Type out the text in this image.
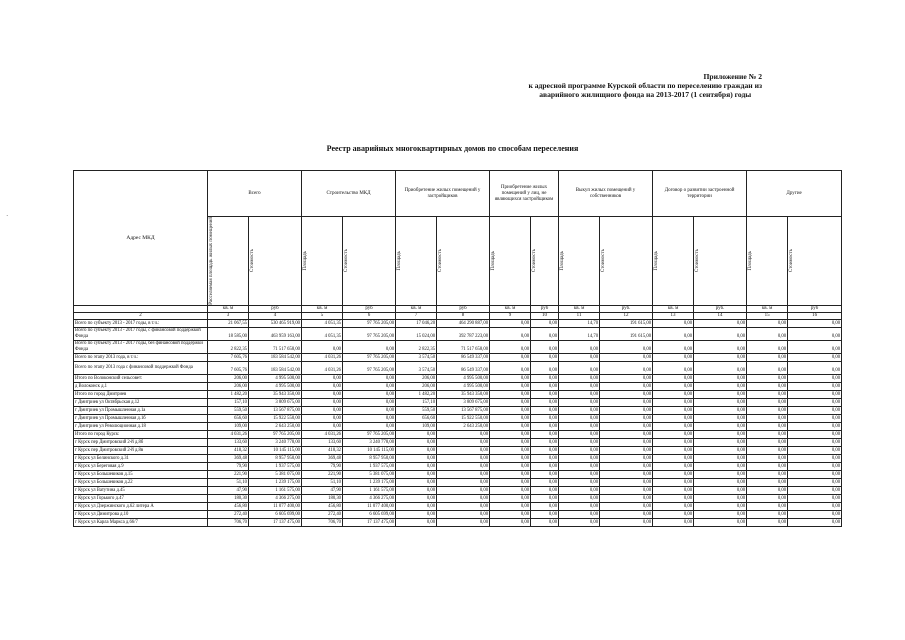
Приложение № 2
к адресной программе Курской области по переселению граждан из
аварийного жилищного фонда на 2013-2017 (1 сентября) годы
Реестр аварийных многоквартирных домов по способам переселения
·
Адрес МКД	Всего		Строительство МКД		Приобретение жилых помещений у застройщиков		Приобретение жилых помещений у лиц, не являющихся застройщиком		Выкуп жилых помещений у собственников		Договор о развитии застроенной территории		Другие	

	Расселяемая площадь жилых помещений	Стоимость	Площадь	Стоимость	Площадь	Стоимость	Площадь	Стоимость	Площадь	Стоимость	Площадь	Стоимость	Площадь	Стоимость

	кв. м	руб	кв. м	руб	кв. м	руб	кв. м	руб	кв. м	руб.	кв. м	руб.	кв. м	руб
2	3	4	5	6	7	8	9	10	11	12	13	14	15	16
Всего по субъекту 2013 - 2017 годы, в т.ч.:	21 067,55	530 465 919,00	4 051,35	97 765 205,00	17 046,20	464 290 887,00	0,00	0,00	14,70	191 615,00	0,00	0,00	0,00	0,00
Всего по субъекту 2013 - 2017 годы, с финансовой поддержкой Фонда	18 585,00	463 959 163,00	4 051,35	97 765 205,00	15 024,00	392 787 223,00	0,00	0,00	14,70	191 615,00	0,00	0,00	0,00	0,00
Всего по субъекту 2013 - 2017 годы, без финансовой поддержки Фонда	2 822,35	71 517 658,00	0,00	0,00	2 822,35	71 517 658,00	0,00	0,00	0,00	0,00	0,00	0,00	0,00	0,00
Всего по этапу 2013 года, в т.ч.:	7 605,76	183 584 542,00	4 031,26	97 765 205,00	3 574,50	86 549 337,00	0,00	0,00	0,00	0,00	0,00	0,00	0,00	0,00
Всего по этапу 2013 года с финансовой поддержкой Фонда	7 605,76	183 584 542,00	4 031,26	97 765 205,00	3 574,50	86 549 337,00	0,00	0,00	0,00	0,00	0,00	0,00	0,00	0,00
Итого по Волоконский сельсовет:	206,00	4 995 500,00	0,00	0,00	206,00	4 995 500,00	0,00	0,00	0,00	0,00	0,00	0,00	0,00	0,00
д Волоконск д.1	206,00	4 995 500,00	0,00	0,00	206,00	4 995 500,00	0,00	0,00	0,00	0,00	0,00	0,00	0,00	0,00
Итого по город Дмитриев	1 482,20	35 943 350,00	0,00	0,00	1 482,20	35 943 350,00	0,00	0,00	0,00	0,00	0,00	0,00	0,00	0,00
г Дмитриев ул Октябрьская д.12	157,10	3 809 675,00	0,00	0,00	157,10	3 809 675,00	0,00	0,00	0,00	0,00	0,00	0,00	0,00	0,00
г Дмитриев ул Промышленная д.1а	559,50	13 567 875,00	0,00	0,00	559,50	13 567 875,00	0,00	0,00	0,00	0,00	0,00	0,00	0,00	0,00
г Дмитриев ул Промышленная д.1б	656,60	15 922 550,00	0,00	0,00	656,60	15 922 550,00	0,00	0,00	0,00	0,00	0,00	0,00	0,00	0,00
г Дмитриев ул Революционная д.18	109,00	2 643 250,00	0,00	0,00	109,00	2 643 250,00	0,00	0,00	0,00	0,00	0,00	0,00	0,00	0,00
Итого по город Курск:	4 031,26	97 765 205,00	4 031,26	97 765 205,00	0,00	0,00	0,00	0,00	0,00	0,00	0,00	0,00	0,00	0,00
г Курск пер Дмитровский 2-й д.8б	133,60	3 240 778,00	133,60	3 240 778,00	0,00	0,00	0,00	0,00	0,00	0,00	0,00	0,00	0,00	0,00
г Курск пер Дмитровский 2-й д.8в	418,32	10 145 115,00	418,32	10 145 115,00	0,00	0,00	0,00	0,00	0,00	0,00	0,00	0,00	0,00	0,00
г Курск ул Белинского д.31	369,48	8 957 950,00	369,48	8 957 950,00	0,00	0,00	0,00	0,00	0,00	0,00	0,00	0,00	0,00	0,00
г Курск ул Береговая д.9	79,90	1 937 575,00	79,90	1 937 575,00	0,00	0,00	0,00	0,00	0,00	0,00	0,00	0,00	0,00	0,00
г Курск ул Большевиков д.15	221,90	5 381 075,00	221,90	5 381 075,00	0,00	0,00	0,00	0,00	0,00	0,00	0,00	0,00	0,00	0,00
г Курск ул Большевиков д.22	51,10	1 239 175,00	51,10	1 239 175,00	0,00	0,00	0,00	0,00	0,00	0,00	0,00	0,00	0,00	0,00
г Курск ул Ватутина д.45	47,90	1 161 575,00	47,90	1 161 575,00	0,00	0,00	0,00	0,00	0,00	0,00	0,00	0,00	0,00	0,00
г Курск ул Горького д.47	180,30	4 366 275,00	180,30	4 366 275,00	0,00	0,00	0,00	0,00	0,00	0,00	0,00	0,00	0,00	0,00
г Курск ул Дзержинского д.62 литера А	456,80	11 077 400,00	456,80	11 077 400,00	0,00	0,00	0,00	0,00	0,00	0,00	0,00	0,00	0,00	0,00
г Курск ул Димитрова д.10	272,40	6 605 699,00	272,40	6 605 699,00	0,00	0,00	0,00	0,00	0,00	0,00	0,00	0,00	0,00	0,00
г Курск ул Карла Маркса д.66/7	706,70	17 137 475,00	706,70	17 137 475,00	0,00	0,00	0,00	0,00	0,00	0,00	0,00	0,00	0,00	0,00
